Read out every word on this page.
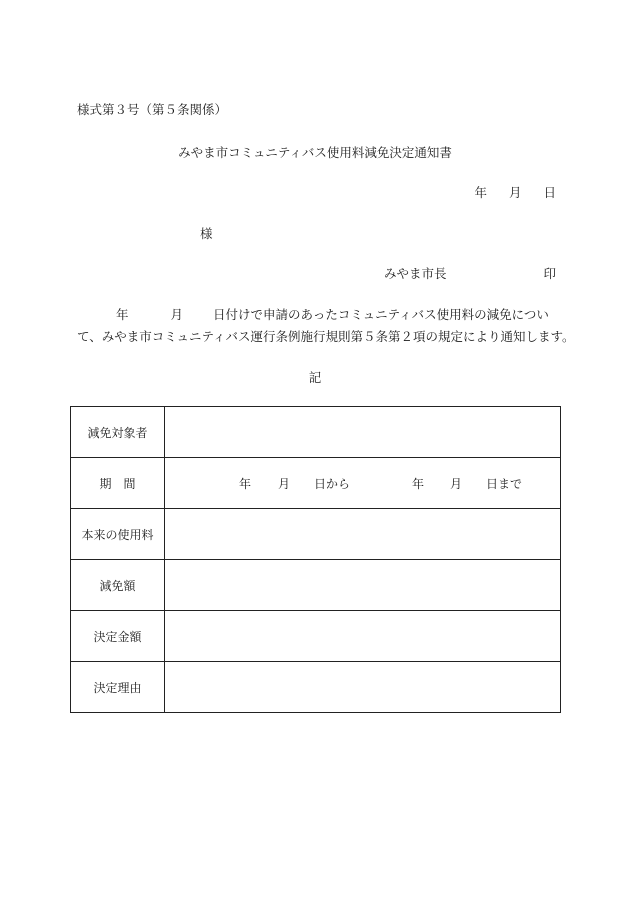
様式第３号（第５条関係）
みやま市コミュニティバス使用料減免決定通知書
年 月 日
様
みやま市長	印
年	月 日付けで申請のあったコミュニティバス使用料の減免につい
て、みやま市コミュニティバス運行条例施行規則第５条第２項の規定により通知します。
記
減免対象者	
期　間	年 月 日から 年 月 日まで
本来の使用料	
減免額	
決定金額	
決定理由	
